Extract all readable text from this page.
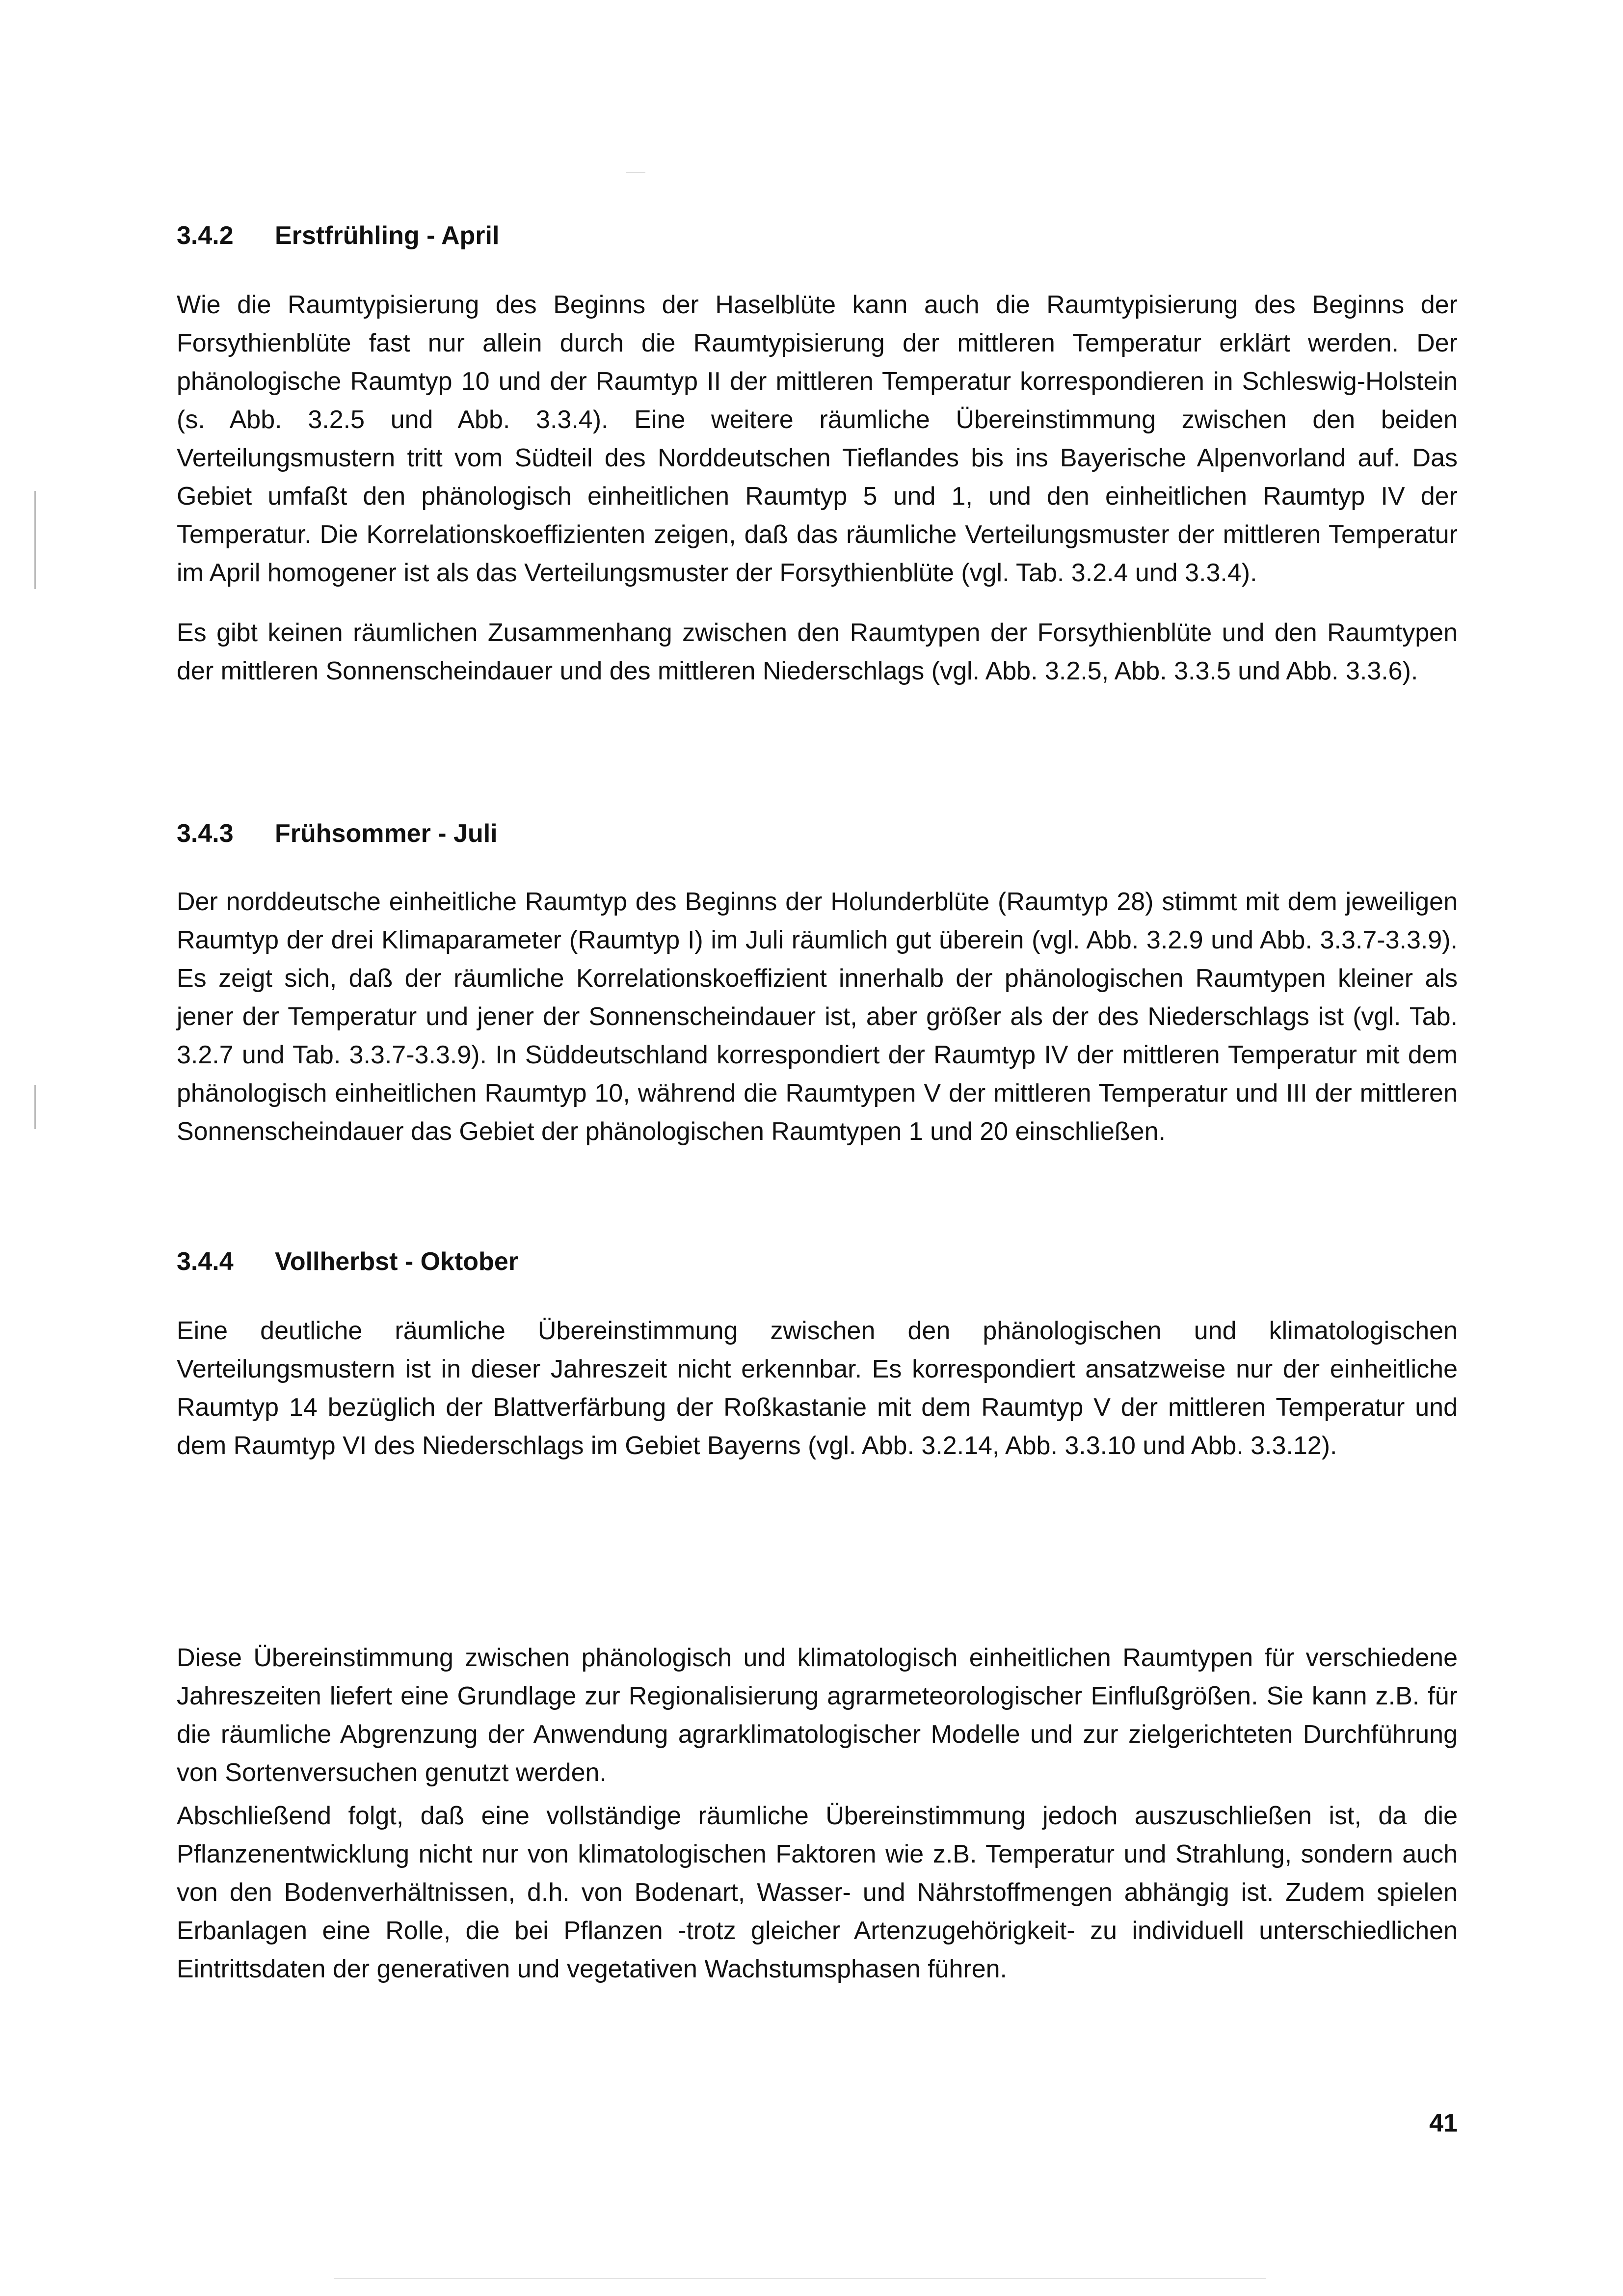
3.4.2 Erstfrühling - April

Wie die Raumtypisierung des Beginns der Haselblüte kann auch die Raumtypisierung des Beginns der Forsythienblüte fast nur allein durch die Raumtypisierung der mittleren Temperatur erklärt werden. Der phänologische Raumtyp 10 und der Raumtyp II der mittleren Temperatur korrespondieren in Schleswig-Holstein (s. Abb. 3.2.5 und Abb. 3.3.4). Eine weitere räumliche Übereinstimmung zwischen den beiden Verteilungsmustern tritt vom Südteil des Norddeutschen Tieflandes bis ins Bayerische Alpenvorland auf. Das Gebiet umfaßt den phänologisch einheitlichen Raumtyp 5 und 1, und den einheitlichen Raumtyp IV der Temperatur. Die Korrelationskoeffizienten zeigen, daß das räumliche Verteilungsmuster der mittleren Temperatur im April homogener ist als das Verteilungsmuster der Forsythienblüte (vgl. Tab. 3.2.4 und 3.3.4).

Es gibt keinen räumlichen Zusammenhang zwischen den Raumtypen der Forsythienblüte und den Raumtypen der mittleren Sonnenscheindauer und des mittleren Niederschlags (vgl. Abb. 3.2.5, Abb. 3.3.5 und Abb. 3.3.6).

3.4.3 Frühsommer - Juli

Der norddeutsche einheitliche Raumtyp des Beginns der Holunderblüte (Raumtyp 28) stimmt mit dem jeweiligen Raumtyp der drei Klimaparameter (Raumtyp I) im Juli räumlich gut überein (vgl. Abb. 3.2.9 und Abb. 3.3.7-3.3.9). Es zeigt sich, daß der räumliche Korrelationskoeffizient innerhalb der phänologischen Raumtypen kleiner als jener der Temperatur und jener der Sonnenscheindauer ist, aber größer als der des Niederschlags ist (vgl. Tab. 3.2.7 und Tab. 3.3.7-3.3.9). In Süddeutschland korrespondiert der Raumtyp IV der mittleren Temperatur mit dem phänologisch einheitlichen Raumtyp 10, während die Raumtypen V der mittleren Temperatur und III der mittleren Sonnenscheindauer das Gebiet der phänologischen Raumtypen 1 und 20 einschließen.

3.4.4 Vollherbst - Oktober

Eine deutliche räumliche Übereinstimmung zwischen den phänologischen und klimatologischen Verteilungsmustern ist in dieser Jahreszeit nicht erkennbar. Es korrespondiert ansatzweise nur der einheitliche Raumtyp 14 bezüglich der Blattverfärbung der Roßkastanie mit dem Raumtyp V der mittleren Temperatur und dem Raumtyp VI des Niederschlags im Gebiet Bayerns (vgl. Abb. 3.2.14, Abb. 3.3.10 und Abb. 3.3.12).

Diese Übereinstimmung zwischen phänologisch und klimatologisch einheitlichen Raumtypen für verschiedene Jahreszeiten liefert eine Grundlage zur Regionalisierung agrarmeteorologischer Einflußgrößen. Sie kann z.B. für die räumliche Abgrenzung der Anwendung agrarklimatologischer Modelle und zur zielgerichteten Durchführung von Sortenversuchen genutzt werden.

Abschließend folgt, daß eine vollständige räumliche Übereinstimmung jedoch auszuschließen ist, da die Pflanzenentwicklung nicht nur von klimatologischen Faktoren wie z.B. Temperatur und Strahlung, sondern auch von den Bodenverhältnissen, d.h. von Bodenart, Wasser- und Nährstoffmengen abhängig ist. Zudem spielen Erbanlagen eine Rolle, die bei Pflanzen -trotz gleicher Artenzugehörigkeit- zu individuell unterschiedlichen Eintrittsdaten der generativen und vegetativen Wachstumsphasen führen.

41
